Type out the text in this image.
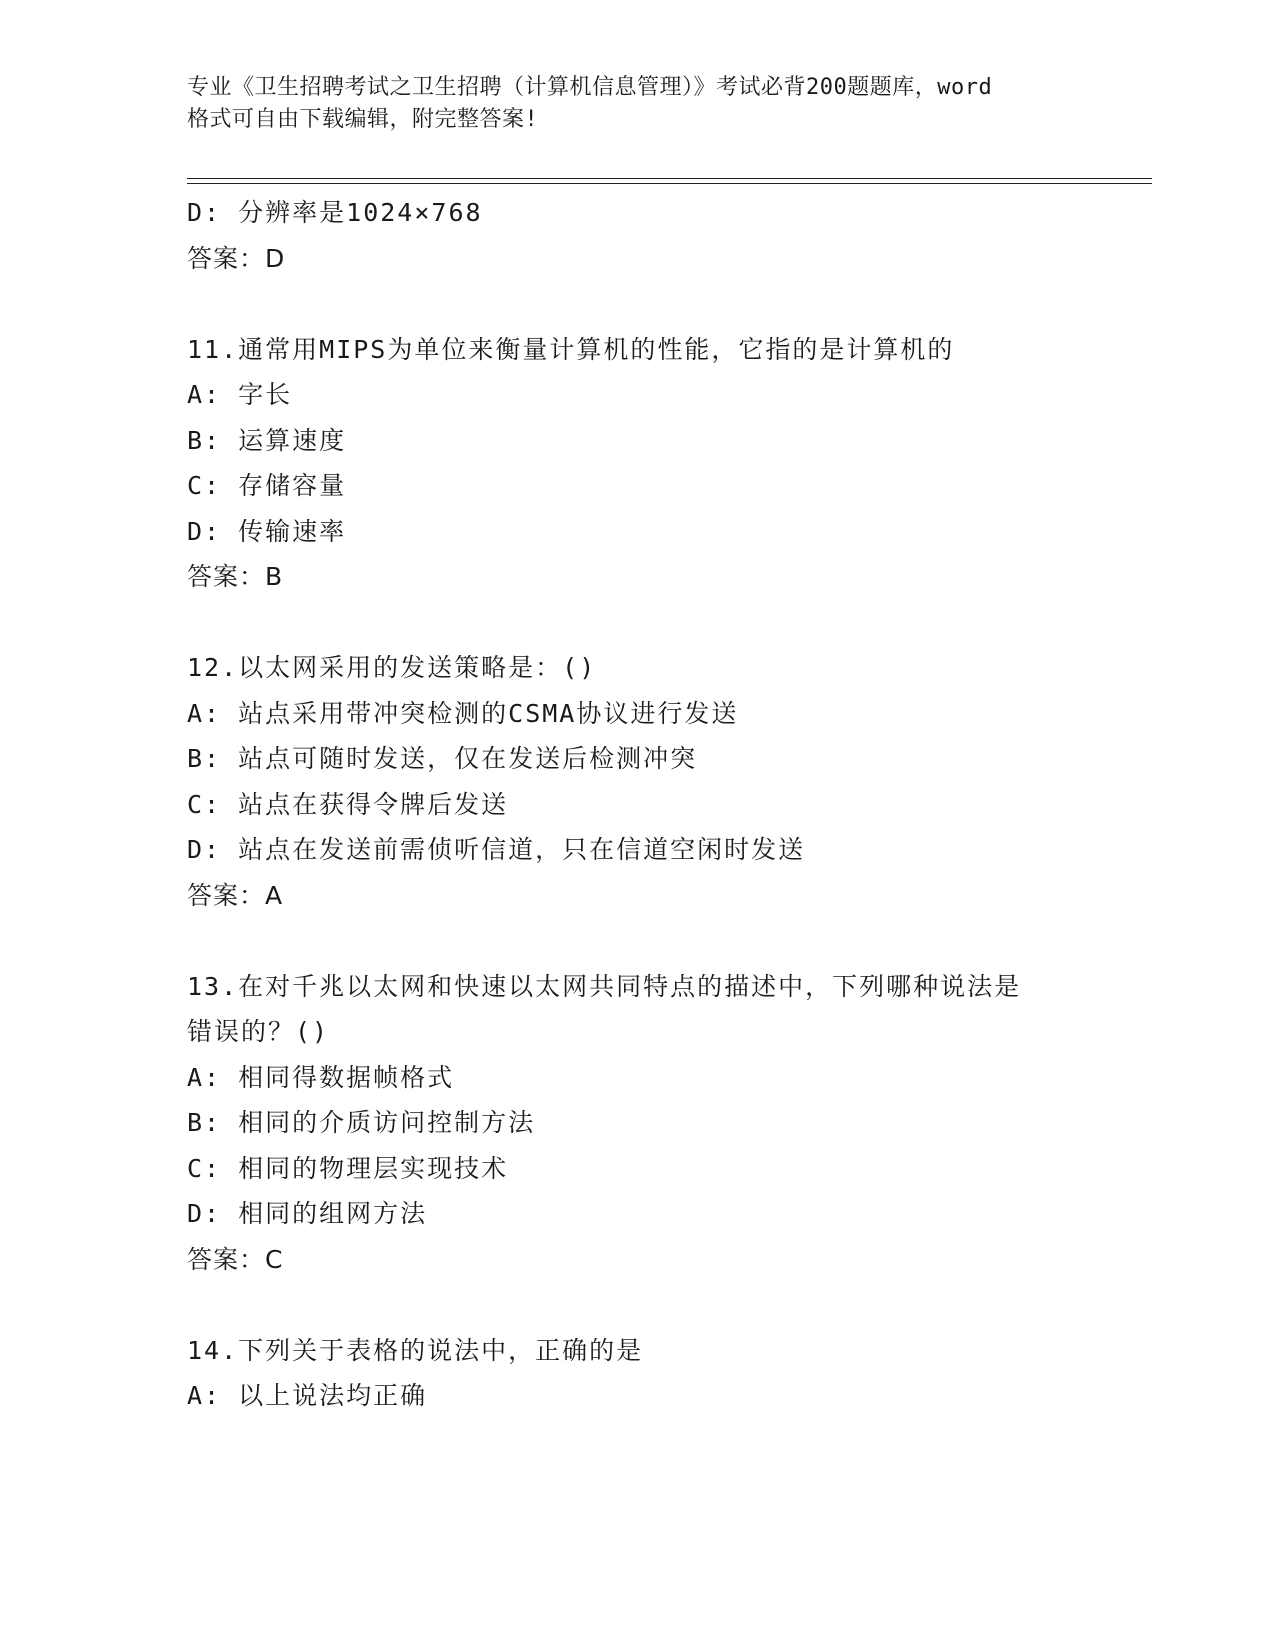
专业《卫生招聘考试之卫生招聘（计算机信息管理）》考试必背200题题库，word
格式可自由下载编辑，附完整答案!
D: 分辨率是1024×768
答案：D
11.通常用MIPS为单位来衡量计算机的性能，它指的是计算机的
A: 字长
B: 运算速度
C: 存储容量
D: 传输速率
答案：B
12.以太网采用的发送策略是：()
A: 站点采用带冲突检测的CSMA协议进行发送
B: 站点可随时发送，仅在发送后检测冲突
C: 站点在获得令牌后发送
D: 站点在发送前需侦听信道，只在信道空闲时发送
答案：A
13.在对千兆以太网和快速以太网共同特点的描述中，下列哪种说法是
错误的？()
A: 相同得数据帧格式
B: 相同的介质访问控制方法
C: 相同的物理层实现技术
D: 相同的组网方法
答案：C
14.下列关于表格的说法中，正确的是
A: 以上说法均正确
